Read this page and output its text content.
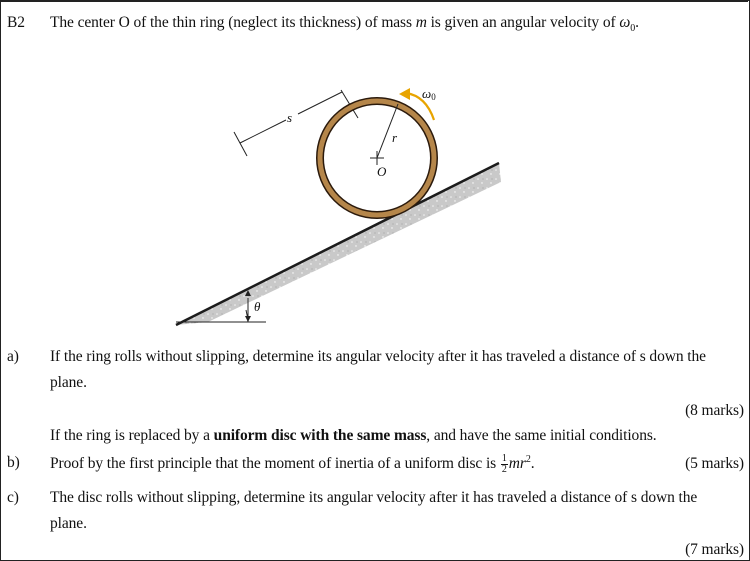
B2 The center O of the thin ring (neglect its thickness) of mass m is given an angular velocity of $\omega_0$.
θ
s
r
O
ω0
a) If the ring rolls without slipping, determine its angular velocity after it has traveled a distance of s down the
plane.
(8 marks)
If the ring is replaced by a uniform disc with the same mass, and have the same initial conditions.
b) Proof by the first principle that the moment of inertia of a uniform disc is $\frac{1}{2} mr^2$.	(5 marks)
c) The disc rolls without slipping, determine its angular velocity after it has traveled a distance of s down the
plane.
(7 marks)
